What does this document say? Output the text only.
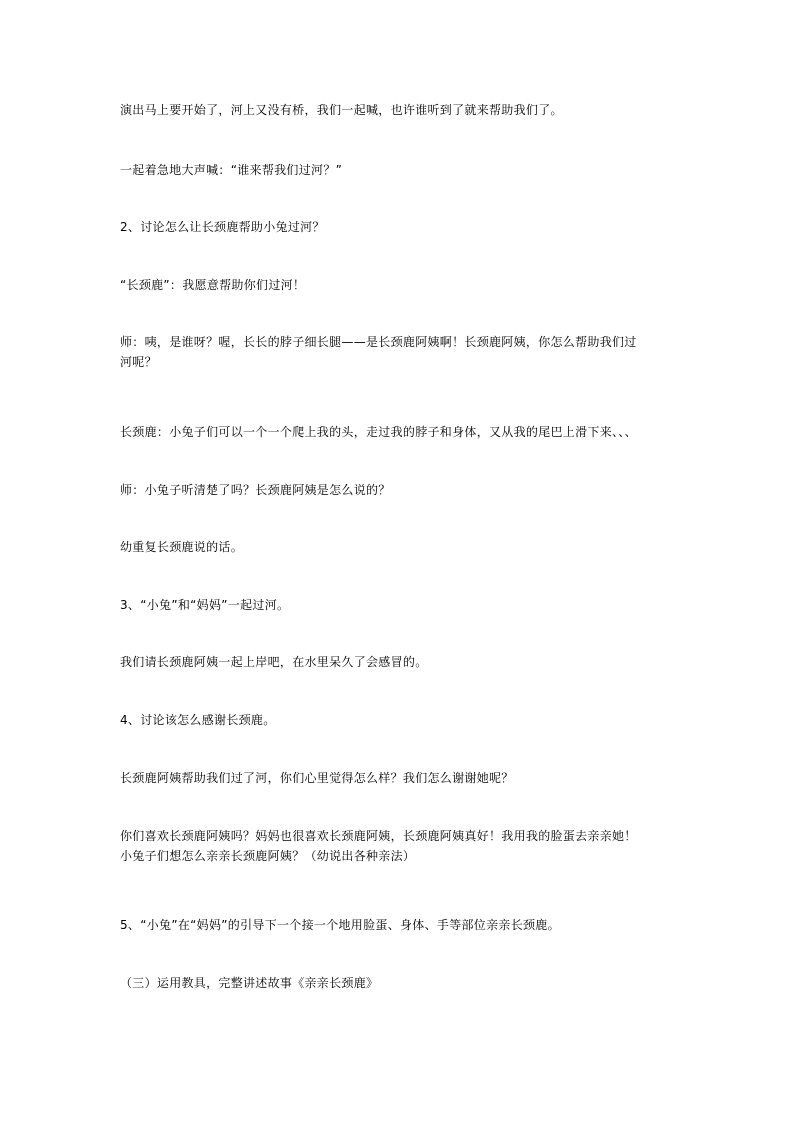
演出马上要开始了，河上又没有桥，我们一起喊，也许谁听到了就来帮助我们了。
一起着急地大声喊：“谁来帮我们过河？”
2、讨论怎么让长颈鹿帮助小兔过河？
“长颈鹿”：我愿意帮助你们过河！
师：咦，是谁呀？喔，长长的脖子细长腿——是长颈鹿阿姨啊！长颈鹿阿姨，你怎么帮助我们过
河呢？
长颈鹿：小兔子们可以一个一个爬上我的头，走过我的脖子和身体，又从我的尾巴上滑下来、、、
师：小兔子听清楚了吗？长颈鹿阿姨是怎么说的？
幼重复长颈鹿说的话。
3、“小兔”和“妈妈”一起过河。
我们请长颈鹿阿姨一起上岸吧，在水里呆久了会感冒的。
4、讨论该怎么感谢长颈鹿。
长颈鹿阿姨帮助我们过了河，你们心里觉得怎么样？我们怎么谢谢她呢？
你们喜欢长颈鹿阿姨吗？妈妈也很喜欢长颈鹿阿姨，长颈鹿阿姨真好！我用我的脸蛋去亲亲她！
小兔子们想怎么亲亲长颈鹿阿姨？（幼说出各种亲法）
5、“小兔”在“妈妈”的引导下一个接一个地用脸蛋、身体、手等部位亲亲长颈鹿。
（三）运用教具，完整讲述故事《亲亲长颈鹿》
